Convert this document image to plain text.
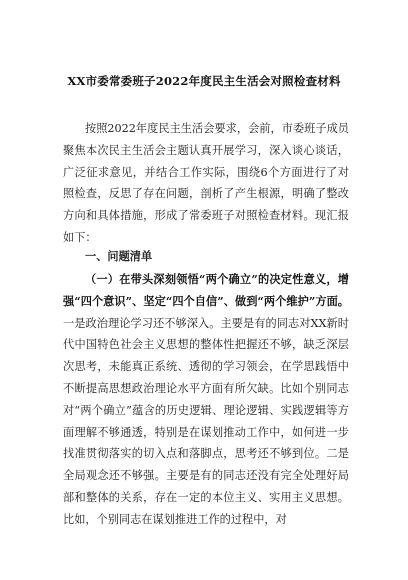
XX市委常委班子2022年度民主生活会对照检查材料
按照2022年度民主生活会要求，会前，市委班子成员聚焦本次民主生活会主题认真开展学习，深入谈心谈话，广泛征求意见，并结合工作实际，围绕6个方面进行了对照检查，反思了存在问题，剖析了产生根源，明确了整改方向和具体措施，形成了常委班子对照检查材料。现汇报如下：
一、问题清单
（一）在带头深刻领悟“两个确立”的决定性意义，增强“四个意识”、坚定“四个自信”、做到“两个维护”方面。一是政治理论学习还不够深入。主要是有的同志对XX新时代中国特色社会主义思想的整体性把握还不够，缺乏深层次思考，未能真正系统、透彻的学习领会，在学思践悟中不断提高思想政治理论水平方面有所欠缺。比如个别同志对“两个确立”蕴含的历史逻辑、理论逻辑、实践逻辑等方面理解不够通透，特别是在谋划推动工作中，如何进一步找准贯彻落实的切入点和落脚点，思考还不够到位。二是全局观念还不够强。主要是有的同志还没有完全处理好局部和整体的关系，存在一定的本位主义、实用主义思想。比如，个别同志在谋划推进工作的过程中，对
